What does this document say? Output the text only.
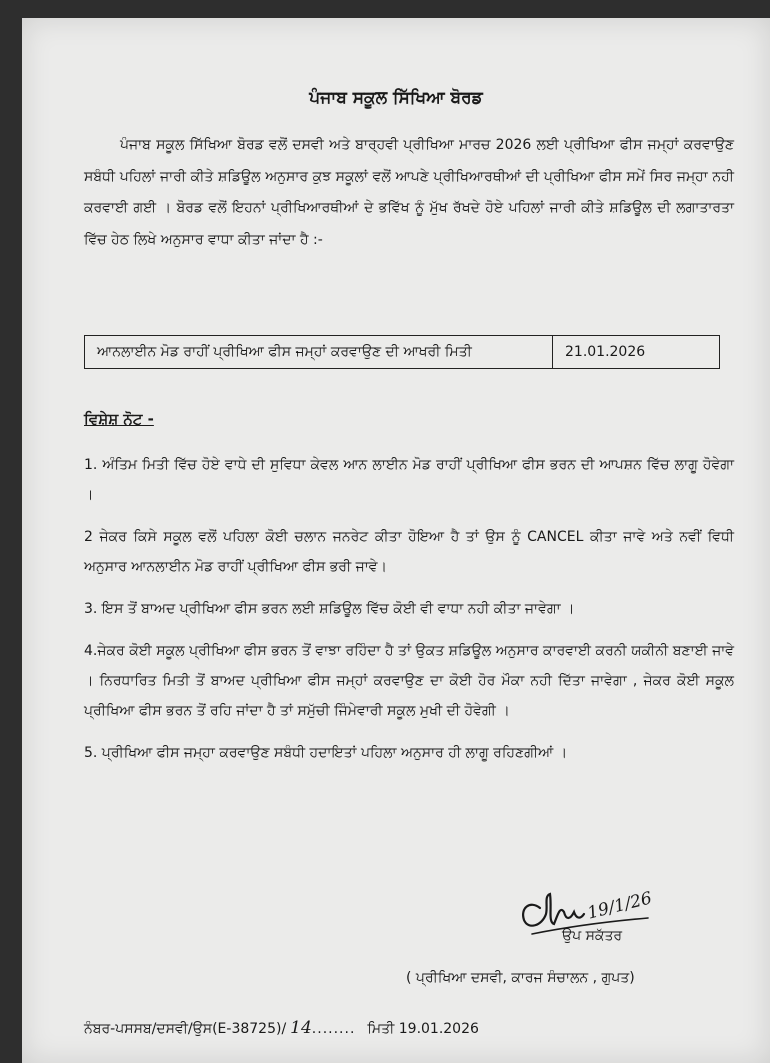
ਪੰਜਾਬ ਸਕੂਲ ਸਿੱਖਿਆ ਬੋਰਡ

ਪੰਜਾਬ ਸਕੂਲ ਸਿੱਖਿਆ ਬੋਰਡ ਵਲੋਂ ਦਸਵੀ ਅਤੇ ਬਾਰ੍ਹਵੀ ਪ੍ਰੀਖਿਆ ਮਾਰਚ 2026 ਲਈ ਪ੍ਰੀਖਿਆ ਫੀਸ ਜਮ੍ਹਾਂ ਕਰਵਾਉਣ ਸਬੰਧੀ ਪਹਿਲਾਂ ਜਾਰੀ ਕੀਤੇ ਸ਼ਡਿਊਲ ਅਨੁਸਾਰ ਕੁਝ ਸਕੂਲਾਂ ਵਲੋਂ ਆਪਣੇ ਪ੍ਰੀਖਿਆਰਥੀਆਂ ਦੀ ਪ੍ਰੀਖਿਆ ਫੀਸ ਸਮੇਂ ਸਿਰ ਜਮ੍ਹਾ ਨਹੀ ਕਰਵਾਈ ਗਈ । ਬੋਰਡ ਵਲੋਂ ਇਹਨਾਂ ਪ੍ਰੀਖਿਆਰਥੀਆਂ ਦੇ ਭਵਿੱਖ ਨੂੰ ਮੁੱਖ ਰੱਖਦੇ ਹੋਏ ਪਹਿਲਾਂ ਜਾਰੀ ਕੀਤੇ ਸ਼ਡਿਊਲ ਦੀ ਲਗਾਤਾਰਤਾ ਵਿੱਚ ਹੇਠ ਲਿਖੇ ਅਨੁਸਾਰ ਵਾਧਾ ਕੀਤਾ ਜਾਂਦਾ ਹੈ :-

ਆਨਲਾਈਨ ਮੋਡ ਰਾਹੀਂ ਪ੍ਰੀਖਿਆ ਫੀਸ ਜਮ੍ਹਾਂ ਕਰਵਾਉਣ ਦੀ ਆਖਰੀ ਮਿਤੀ	21.01.2026
ਵਿਸ਼ੇਸ਼ ਨੋਟ -

1. ਅੰਤਿਮ ਮਿਤੀ ਵਿੱਚ ਹੋਏ ਵਾਧੇ ਦੀ ਸੁਵਿਧਾ ਕੇਵਲ ਆਨ ਲਾਈਨ ਮੋਡ ਰਾਹੀਂ ਪ੍ਰੀਖਿਆ ਫੀਸ ਭਰਨ ਦੀ ਆਪਸ਼ਨ ਵਿੱਚ ਲਾਗੂ ਹੋਵੇਗਾ ।

2 ਜੇਕਰ ਕਿਸੇ ਸਕੂਲ ਵਲੋਂ ਪਹਿਲਾ ਕੋਈ ਚਲਾਨ ਜਨਰੇਟ ਕੀਤਾ ਹੋਇਆ ਹੈ ਤਾਂ ਉਸ ਨੂੰ CANCEL ਕੀਤਾ ਜਾਵੇ ਅਤੇ ਨਵੀਂ ਵਿਧੀ ਅਨੁਸਾਰ ਆਨਲਾਈਨ ਮੋਡ ਰਾਹੀਂ ਪ੍ਰੀਖਿਆ ਫੀਸ ਭਰੀ ਜਾਵੇ।

3. ਇਸ ਤੋਂ ਬਾਅਦ ਪ੍ਰੀਖਿਆ ਫੀਸ ਭਰਨ ਲਈ ਸ਼ਡਿਊਲ ਵਿੱਚ ਕੋਈ ਵੀ ਵਾਧਾ ਨਹੀ ਕੀਤਾ ਜਾਵੇਗਾ ।

4.ਜੇਕਰ ਕੋਈ ਸਕੂਲ ਪ੍ਰੀਖਿਆ ਫੀਸ ਭਰਨ ਤੋਂ ਵਾਝਾ ਰਹਿੰਦਾ ਹੈ ਤਾਂ ਉਕਤ ਸ਼ਡਿਊਲ ਅਨੁਸਾਰ ਕਾਰਵਾਈ ਕਰਨੀ ਯਕੀਨੀ ਬਣਾਈ ਜਾਵੇ । ਨਿਰਧਾਰਿਤ ਮਿਤੀ ਤੋਂ ਬਾਅਦ ਪ੍ਰੀਖਿਆ ਫੀਸ ਜਮ੍ਹਾਂ ਕਰਵਾਉਣ ਦਾ ਕੋਈ ਹੋਰ ਮੌਕਾ ਨਹੀ ਦਿੱਤਾ ਜਾਵੇਗਾ , ਜੇਕਰ ਕੋਈ ਸਕੂਲ ਪ੍ਰੀਖਿਆ ਫੀਸ ਭਰਨ ਤੋਂ ਰਹਿ ਜਾਂਦਾ ਹੈ ਤਾਂ ਸਮੁੱਚੀ ਜਿੰਮੇਵਾਰੀ ਸਕੂਲ ਮੁਖੀ ਦੀ ਹੋਵੇਗੀ ।

5. ਪ੍ਰੀਖਿਆ ਫੀਸ ਜਮ੍ਹਾ ਕਰਵਾਉਣ ਸਬੰਧੀ ਹਦਾਇਤਾਂ ਪਹਿਲਾ ਅਨੁਸਾਰ ਹੀ ਲਾਗੂ ਰਹਿਣਗੀਆਂ ।

19/1/26
ਉਪ ਸਕੱਤਰ
( ਪ੍ਰੀਖਿਆ ਦਸਵੀ, ਕਾਰਜ ਸੰਚਾਲਨ , ਗੁਪਤ)
ਨੰਬਰ-ਪਸਸਬ/ਦਸਵੀ/ਉਸ(E-38725)/ 14 ........ ਮਿਤੀ 19.01.2026
